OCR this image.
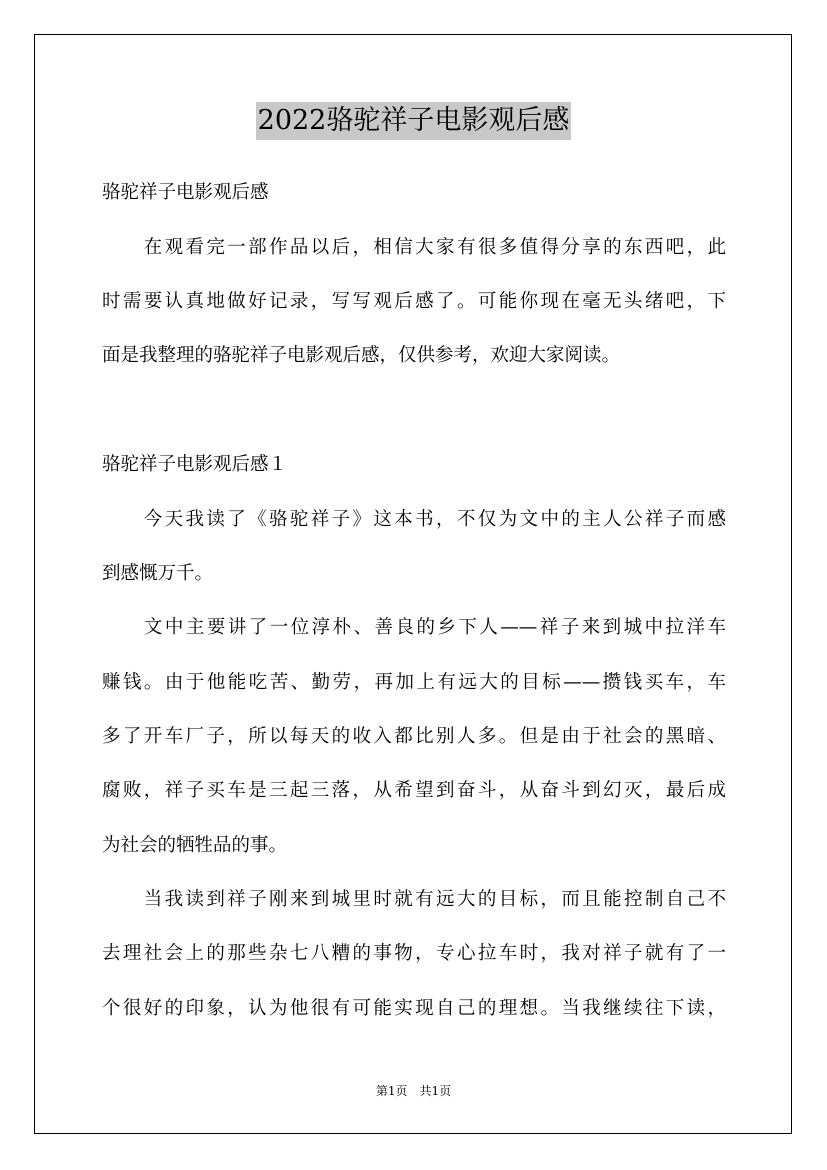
2022骆驼祥子电影观后感
骆驼祥子电影观后感
　　在观看完一部作品以后，相信大家有很多值得分享的东西吧，此
时需要认真地做好记录，写写观后感了。可能你现在毫无头绪吧，下
面是我整理的骆驼祥子电影观后感，仅供参考，欢迎大家阅读。
骆驼祥子电影观后感１
　　今天我读了《骆驼祥子》这本书，不仅为文中的主人公祥子而感
到感慨万千。
　　文中主要讲了一位淳朴、善良的乡下人——祥子来到城中拉洋车
赚钱。由于他能吃苦、勤劳，再加上有远大的目标——攒钱买车，车
多了开车厂子，所以每天的收入都比别人多。但是由于社会的黑暗、
腐败，祥子买车是三起三落，从希望到奋斗，从奋斗到幻灭，最后成
为社会的牺牲品的事。
　　当我读到祥子刚来到城里时就有远大的目标，而且能控制自己不
去理社会上的那些杂七八糟的事物，专心拉车时，我对祥子就有了一
个很好的印象，认为他很有可能实现自己的理想。当我继续往下读，
第1页　共1页
